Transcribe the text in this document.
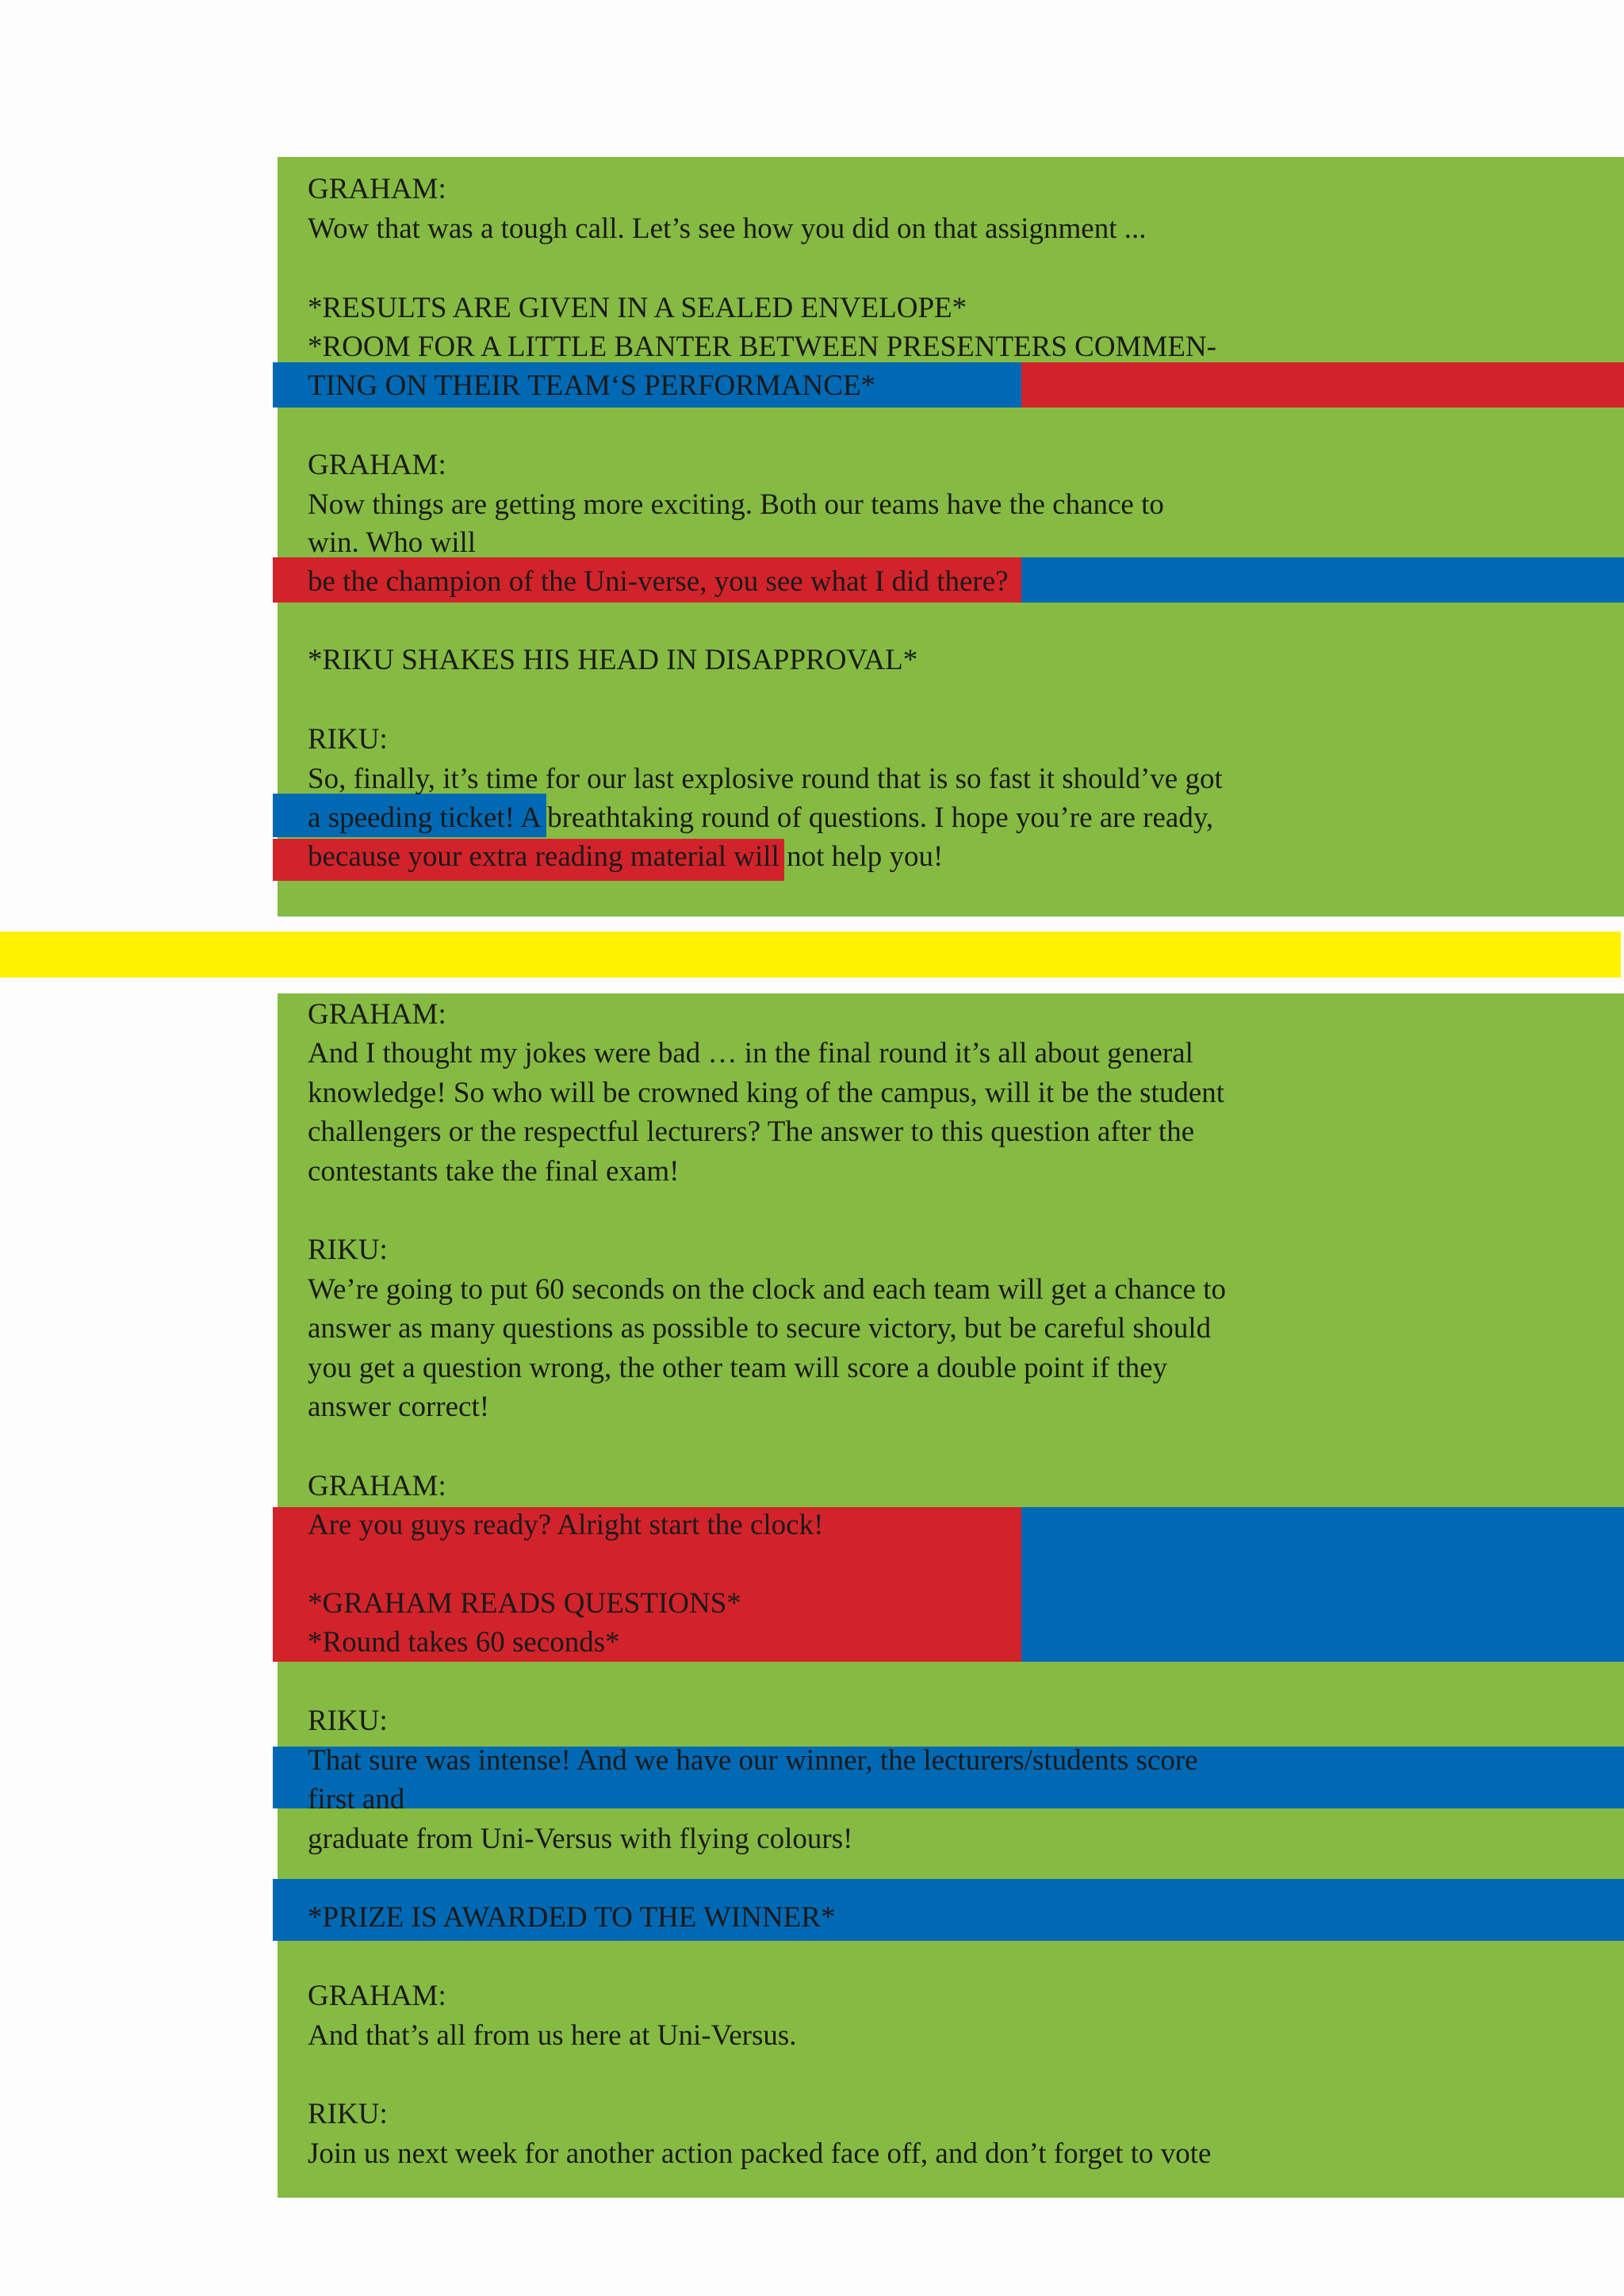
GRAHAM:
Wow that was a tough call. Let’s see how you did on that assignment ...
*RESULTS ARE GIVEN IN A SEALED ENVELOPE*
*ROOM FOR A LITTLE BANTER BETWEEN PRESENTERS COMMEN-
TING ON THEIR TEAM‘S PERFORMANCE*
GRAHAM:
Now things are getting more exciting. Both our teams have the chance to
win. Who will
be the champion of the Uni-verse, you see what I did there?
*RIKU SHAKES HIS HEAD IN DISAPPROVAL*
RIKU:
So, finally, it’s time for our last explosive round that is so fast it should’ve got
a speeding ticket! A breathtaking round of questions. I hope you’re are ready,
because your extra reading material will not help you!
GRAHAM:
And I thought my jokes were bad … in the final round it’s all about general
knowledge! So who will be crowned king of the campus, will it be the student
challengers or the respectful lecturers? The answer to this question after the
contestants take the final exam!
RIKU:
We’re going to put 60 seconds on the clock and each team will get a chance to
answer as many questions as possible to secure victory, but be careful should
you get a question wrong, the other team will score a double point if they
answer correct!
GRAHAM:
Are you guys ready? Alright start the clock!
*GRAHAM READS QUESTIONS*
*Round takes 60 seconds*
RIKU:
That sure was intense! And we have our winner, the lecturers/students score
first and
graduate from Uni-Versus with flying colours!
*PRIZE IS AWARDED TO THE WINNER*
GRAHAM:
And that’s all from us here at Uni-Versus.
RIKU:
Join us next week for another action packed face off, and don’t forget to vote
